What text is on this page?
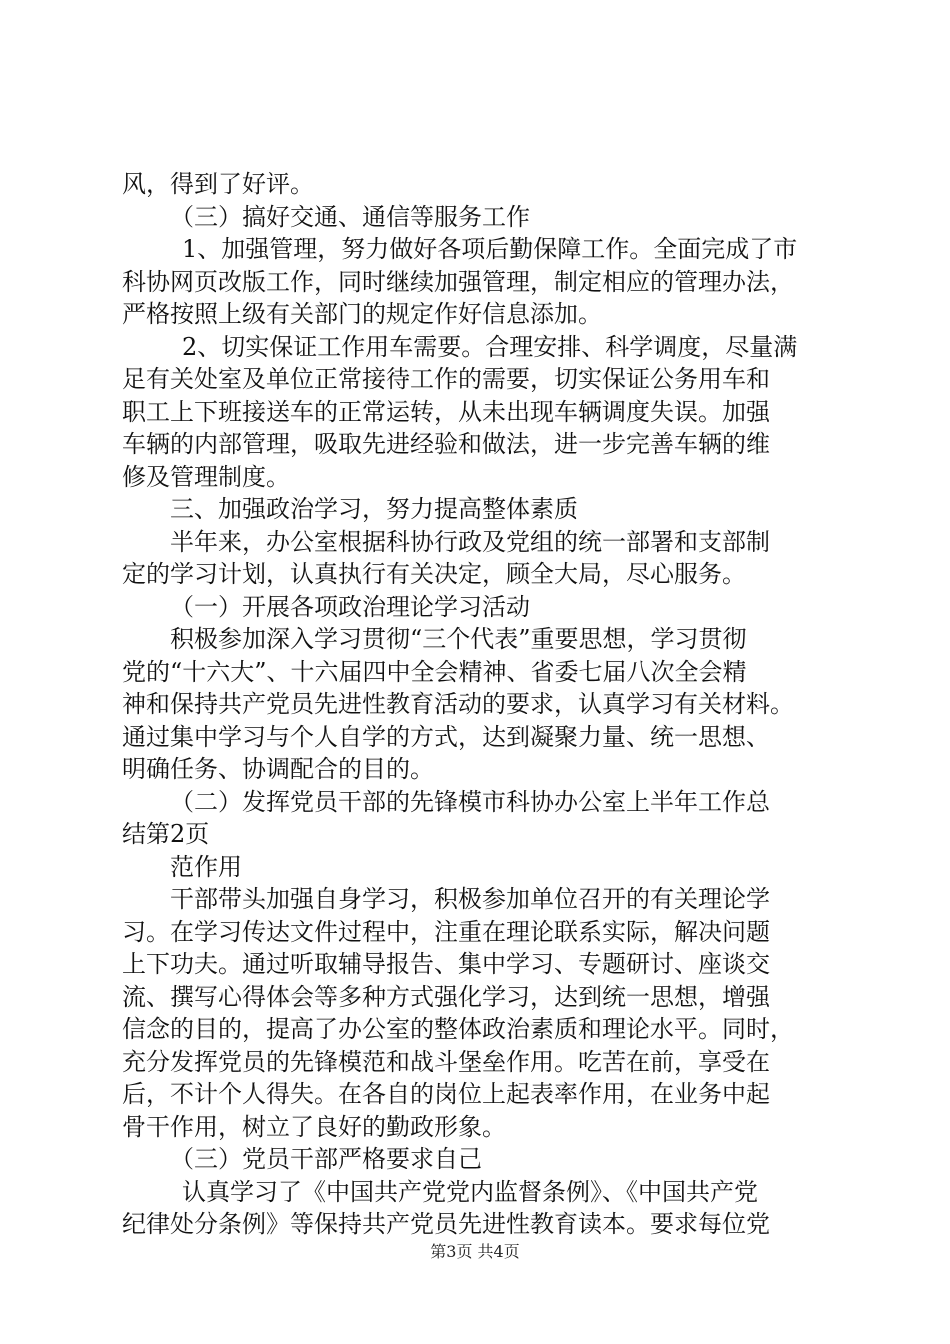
风，得到了好评。
（三）搞好交通、通信等服务工作
1、加强管理，努力做好各项后勤保障工作。全面完成了市
科协网页改版工作，同时继续加强管理，制定相应的管理办法，
严格按照上级有关部门的规定作好信息添加。
2、切实保证工作用车需要。合理安排、科学调度，尽量满
足有关处室及单位正常接待工作的需要，切实保证公务用车和
职工上下班接送车的正常运转，从未出现车辆调度失误。加强
车辆的内部管理，吸取先进经验和做法，进一步完善车辆的维
修及管理制度。
三、加强政治学习，努力提高整体素质
半年来，办公室根据科协行政及党组的统一部署和支部制
定的学习计划，认真执行有关决定，顾全大局，尽心服务。
（一）开展各项政治理论学习活动
积极参加深入学习贯彻“三个代表”重要思想，学习贯彻
党的“十六大”、十六届四中全会精神、省委七届八次全会精
神和保持共产党员先进性教育活动的要求，认真学习有关材料。
通过集中学习与个人自学的方式，达到凝聚力量、统一思想、
明确任务、协调配合的目的。
（二）发挥党员干部的先锋模市科协办公室上半年工作总
结第2页
范作用
干部带头加强自身学习，积极参加单位召开的有关理论学
习。在学习传达文件过程中，注重在理论联系实际，解决问题
上下功夫。通过听取辅导报告、集中学习、专题研讨、座谈交
流、撰写心得体会等多种方式强化学习，达到统一思想，增强
信念的目的，提高了办公室的整体政治素质和理论水平。同时，
充分发挥党员的先锋模范和战斗堡垒作用。吃苦在前，享受在
后，不计个人得失。在各自的岗位上起表率作用，在业务中起
骨干作用，树立了良好的勤政形象。
（三）党员干部严格要求自己
认真学习了《中国共产党党内监督条例》、《中国共产党
纪律处分条例》等保持共产党员先进性教育读本。要求每位党
第3页 共4页
